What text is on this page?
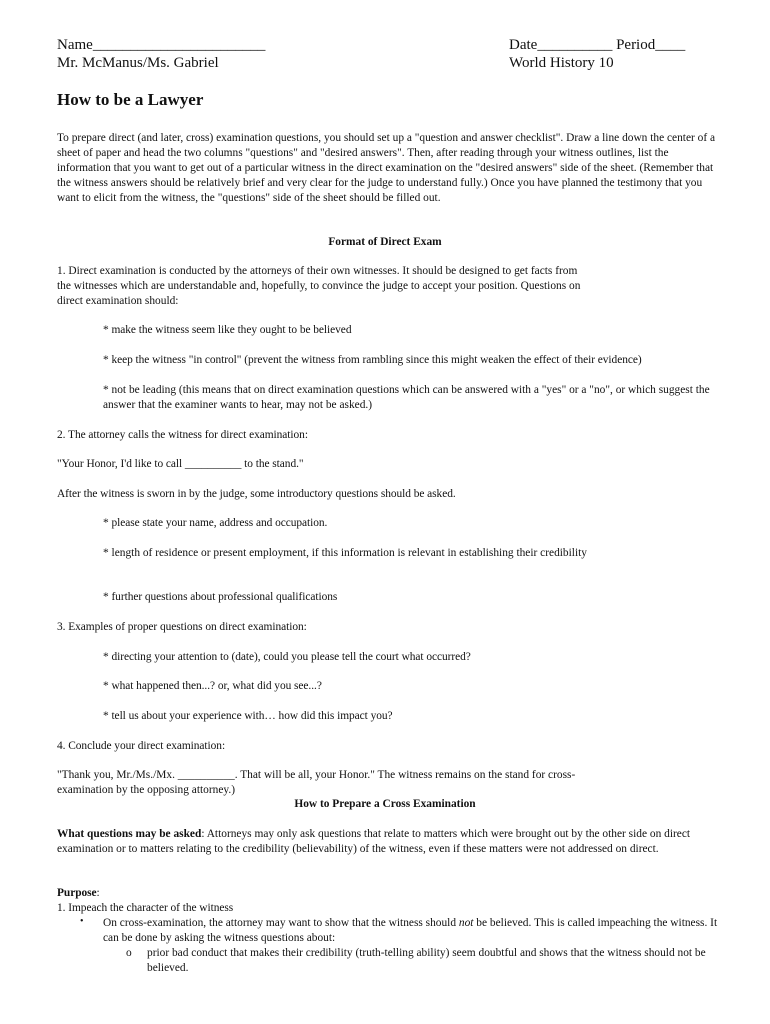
Name_______________________
Mr. McManus/Ms. Gabriel
Date__________ Period____
World History 10
How to be a Lawyer
To prepare direct (and later, cross) examination questions, you should set up a "question and answer checklist". Draw a line down the center of a sheet of paper and head the two columns "questions" and "desired answers". Then, after reading through your witness outlines, list the information that you want to get out of a particular witness in the direct examination on the "desired answers" side of the sheet. (Remember that the witness answers should be relatively brief and very clear for the judge to understand fully.) Once you have planned the testimony that you want to elicit from the witness, the "questions" side of the sheet should be filled out.
Format of Direct Exam
1. Direct examination is conducted by the attorneys of their own witnesses. It should be designed to get facts from the witnesses which are understandable and, hopefully, to convince the judge to accept your position. Questions on direct examination should:
* make the witness seem like they ought to be believed
* keep the witness "in control" (prevent the witness from rambling since this might weaken the effect of their evidence)
* not be leading (this means that on direct examination questions which can be answered with a "yes" or a "no", or which suggest the answer that the examiner wants to hear, may not be asked.)
2. The attorney calls the witness for direct examination:
"Your Honor, I'd like to call __________ to the stand."
After the witness is sworn in by the judge, some introductory questions should be asked.
* please state your name, address and occupation.
* length of residence or present employment, if this information is relevant in establishing their credibility
* further questions about professional qualifications
3. Examples of proper questions on direct examination:
* directing your attention to (date), could you please tell the court what occurred?
* what happened then...? or, what did you see...?
* tell us about your experience with… how did this impact you?
4. Conclude your direct examination:
"Thank you, Mr./Ms./Mx. __________. That will be all, your Honor." The witness remains on the stand for cross-examination by the opposing attorney.)
How to Prepare a Cross Examination
What questions may be asked: Attorneys may only ask questions that relate to matters which were brought out by the other side on direct examination or to matters relating to the credibility (believability) of the witness, even if these matters were not addressed on direct.
Purpose:
1. Impeach the character of the witness
• On cross-examination, the attorney may want to show that the witness should not be believed. This is called impeaching the witness. It can be done by asking the witness questions about:
o prior bad conduct that makes their credibility (truth-telling ability) seem doubtful and shows that the witness should not be believed.
